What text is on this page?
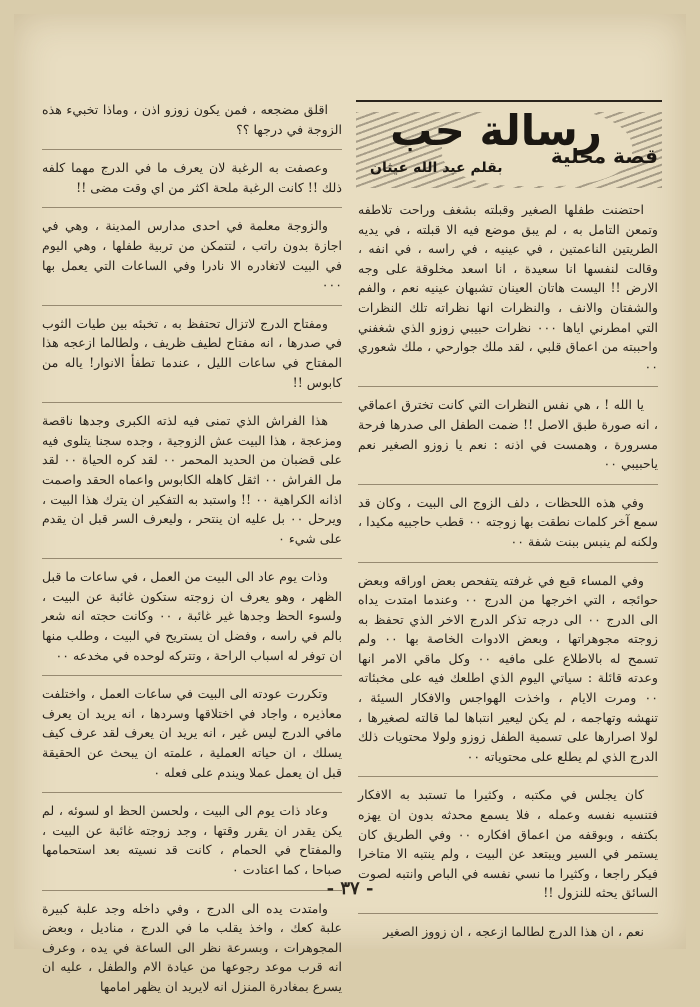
رسالة حب
قصة محلية
بقلم عبد الله عيثان

احتضنت طفلها الصغير وقبلته بشغف وراحت تلاطفه وتمعن التامل به ، لم يبق موضع فيه الا قبلته ، في يديه الطريتين الناعمتين ، في عينيه ، في راسه ، في انفه ، وقالت لنفسها انا سعيدة ، انا اسعد مخلوقة على وجه الارض !! اليست هاتان العينان تشبهان عينيه نعم ، والفم والشفتان والانف ، والنظرات انها نظراته تلك النظرات التي امطرني اياها ٠٠٠ نظرات حبيبي زوزو الذي شغفني واحببته من اعماق قلبي ، لقد ملك جوارحي ، ملك شعوري ٠٠

يا الله ! ، هي نفس النظرات التي كانت تخترق اعماقي ، انه صورة طبق الاصل !! ضمت الطفل الى صدرها فرحة مسرورة ، وهمست في اذنه : نعم يا زوزو الصغير نعم ياحبيبي ٠٠

وفي هذه اللحظات ، دلف الزوج الى البيت ، وكان قد سمع آخر كلمات نطقت بها زوجته ٠٠ قطب حاجبيه مكيدا ، ولكنه لم ينبس ببنت شفة ٠٠

وفي المساء قبع في غرفته يتفحص بعض اوراقه وبعض حوائجه ، التي اخرجها من الدرج ٠٠ وعندما امتدت يداه الى الدرج ٠٠ الى درجه تذكر الدرج الاخر الذي تحفظ به زوجته مجوهراتها ، وبعض الادوات الخاصة بها ٠٠ ولم تسمح له بالاطلاع على مافيه ٠٠ وكل ماقي الامر انها وعدته قائلة : سياتي اليوم الذي اطلعك فيه على مخبئاته ٠٠ ومرت الايام ، واخذت الهواجس والافكار السيئة ، تنهشه وتهاجمه ، لم يكن ليعير انتباها لما قالته لصغيرها ، لولا اصرارها على تسمية الطفل زوزو ولولا محتويات ذلك الدرج الذي لم يطلع على محتوياته ٠٠

كان يجلس في مكتبه ، وكثيرا ما تستبد به الافكار فتنسيه نفسه وعمله ، فلا يسمع محدثه بدون ان يهزه بكتفه ، وبوقفه من اعماق افكاره ٠٠ وفي الطريق كان يستمر في السير ويبتعد عن البيت ، ولم ينتبه الا متاخرا فيكر راجعا ، وكثيرا ما نسي نفسه في الباص وانتبه لصوت السائق يحثه للنزول !!

نعم ، ان هذا الدرج لطالما ازعجه ، ان زووز الصغير

اقلق مضجعه ، فمن يكون زوزو اذن ، وماذا تخبيء هذه الزوجة في درجها ؟؟

وعصفت به الرغبة لان يعرف ما في الدرج مهما كلفه ذلك !! كانت الرغبة ملحة اكثر من اي وقت مضى !!

والزوجة معلمة في احدى مدارس المدينة ، وهي في اجازة بدون راتب ، لتتمكن من تربية طفلها ، وهي اليوم في البيت لاتغادره الا نادرا وفي الساعات التي يعمل بها ٠٠٠

ومفتاح الدرج لاتزال تحتفظ به ، تخبئه بين طيات الثوب في صدرها ، انه مفتاح لطيف ظريف ، ولطالما ازعجه هذا المفتاح في ساعات الليل ، عندما تطفأ الانوار! ياله من كابوس !!

هذا الفراش الذي تمنى فيه لذته الكبرى وجدها ناقصة ومزعجة ، هذا البيت عش الزوجية ، وجده سجنا يتلوى فيه على قضبان من الحديد المحمر ٠٠ لقد كره الحياة ٠٠ لقد مل الفراش ٠٠ اثقل كاهله الكابوس واعماه الحقد واصمت اذانه الكراهية ٠٠ !! واستبد به التفكير ان يترك هذا البيت ، ويرحل ٠٠ بل عليه ان ينتحر ، وليعرف السر قبل ان يقدم على شيء ٠

وذات يوم عاد الى البيت من العمل ، في ساعات ما قبل الظهر ، وهو يعرف ان زوجته ستكون غائبة عن البيت ، ولسوء الحظ وجدها غير غائبة ، ٠٠ وكانت حجته انه شعر بالم في راسه ، وفضل ان يستريح في البيت ، وطلب منها ان توفر له اسباب الراحة ، وتتركه لوحده في مخدعه ٠٠

وتكررت عودته الى البيت في ساعات العمل ، واختلفت معاذيره ، واجاد في اختلاقها وسردها ، انه يريد ان يعرف مافي الدرج ليس غير ، انه يريد ان يعرف لقد عرف كيف يسلك ، ان حياته العملية ، علمته ان يبحث عن الحقيقة قبل ان يعمل عملا ويندم على فعله ٠

وعاد ذات يوم الى البيت ، ولحسن الحظ او لسوئه ، لم يكن يقدر ان يقرر وقتها ، وجد زوجته غائبة عن البيت ، والمفتاح في الحمام ، كانت قد نسيته بعد استحمامها صباحا ، كما اعتادت ٠

وامتدت يده الى الدرج ، وفي داخله وجد علبة كبيرة علبة كعك ، واخذ يقلب ما في الدرج ، مناديل ، وبعض المجوهرات ، وبسرعة نظر الى الساعة في يده ، وعرف انه قرب موعد رجوعها من عيادة الام والطفل ، عليه ان يسرع بمغادرة المنزل انه لايريد ان يظهر امامها

- ٣٧ -
